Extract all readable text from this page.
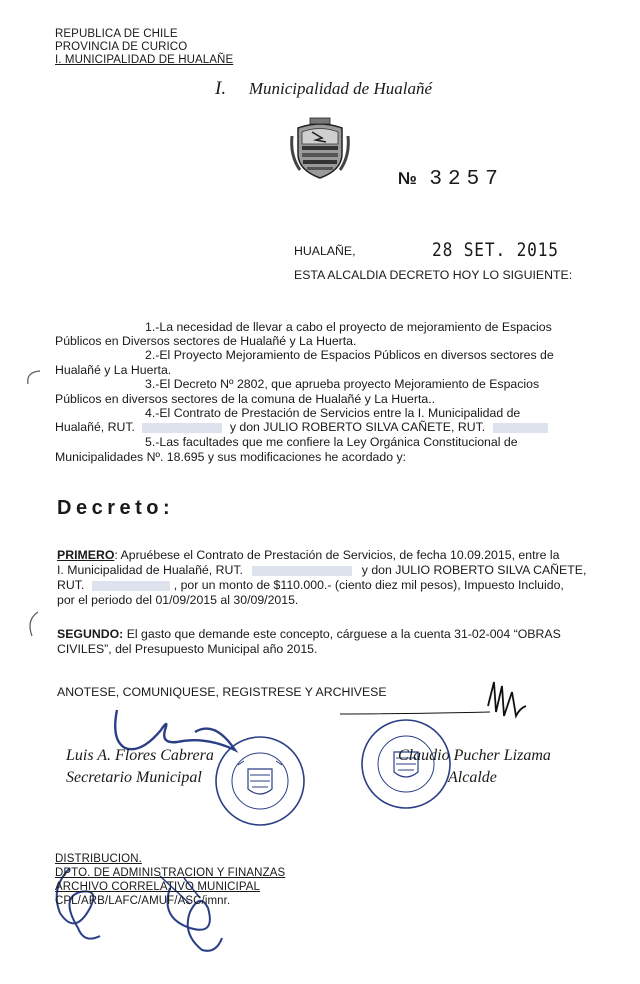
REPUBLICA DE CHILE
PROVINCIA DE CURICO
I. MUNICIPALIDAD DE HUALAÑE
I. Municipalidad de Hualañé
№ 3257
HUALAÑE,	28 SET. 2015
ESTA ALCALDIA DECRETO HOY LO SIGUIENTE:
1.-La necesidad de llevar a cabo el proyecto de mejoramiento de Espacios
Públicos en Diversos sectores de Hualañé y La Huerta.
2.-El Proyecto Mejoramiento de Espacios Públicos en diversos sectores de
Hualañé y La Huerta.
3.-El Decreto Nº 2802, que aprueba proyecto Mejoramiento de Espacios
Públicos en diversos sectores de la comuna de Hualañé y La Huerta..
4.-El Contrato de Prestación de Servicios entre la I. Municipalidad de
Hualañé, RUT.	y don JULIO ROBERTO SILVA CAÑETE, RUT.
5.-Las facultades que me confiere la Ley Orgánica Constitucional de
Municipalidades Nº. 18.695 y sus modificaciones he acordado y:
Decreto:
PRIMERO: Apruébese el Contrato de Prestación de Servicios, de fecha 10.09.2015, entre la
I. Municipalidad de Hualañé, RUT.	y don JULIO ROBERTO SILVA CAÑETE,
RUT.	, por un monto de $110.000.- (ciento diez mil pesos), Impuesto Incluido,
por el periodo del 01/09/2015 al 30/09/2015.
SEGUNDO: El gasto que demande este concepto, cárguese a la cuenta 31-02-004 “OBRAS
CIVILES”, del Presupuesto Municipal año 2015.
ANOTESE, COMUNIQUESE, REGISTRESE Y ARCHIVESE
Luis A. Flores Cabrera
Secretario Municipal
Claudio Pucher Lizama
Alcalde
DISTRIBUCION.
DPTO. DE ADMINISTRACION Y FINANZAS
ARCHIVO CORRELATIVO MUNICIPAL
CPL/ARB/LAFC/AMUF/ASC/imnr.
